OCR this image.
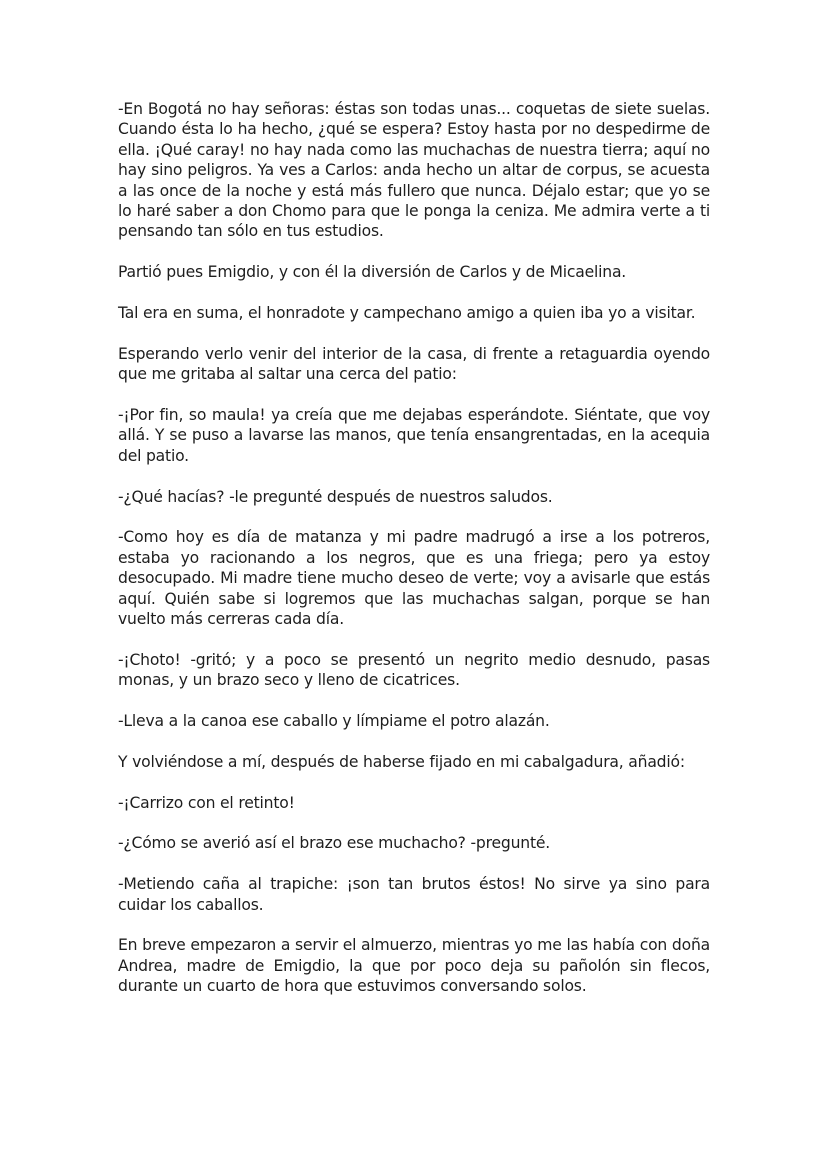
-En Bogotá no hay señoras: éstas son todas unas... coquetas de siete suelas. Cuando ésta lo ha hecho, ¿qué se espera? Estoy hasta por no despedirme de ella. ¡Qué caray! no hay nada como las muchachas de nuestra tierra; aquí no hay sino peligros. Ya ves a Carlos: anda hecho un altar de corpus, se acuesta a las once de la noche y está más fullero que nunca. Déjalo estar; que yo se lo haré saber a don Chomo para que le ponga la ceniza. Me admira verte a ti pensando tan sólo en tus estudios.

Partió pues Emigdio, y con él la diversión de Carlos y de Micaelina.

Tal era en suma, el honradote y campechano amigo a quien iba yo a visitar.

Esperando verlo venir del interior de la casa, di frente a retaguardia oyendo que me gritaba al saltar una cerca del patio:

-¡Por fin, so maula! ya creía que me dejabas esperándote. Siéntate, que voy allá. Y se puso a lavarse las manos, que tenía ensangrentadas, en la acequia del patio.

-¿Qué hacías? -le pregunté después de nuestros saludos.

-Como hoy es día de matanza y mi padre madrugó a irse a los potreros, estaba yo racionando a los negros, que es una friega; pero ya estoy desocupado. Mi madre tiene mucho deseo de verte; voy a avisarle que estás aquí. Quién sabe si logremos que las muchachas salgan, porque se han vuelto más cerreras cada día.

-¡Choto! -gritó; y a poco se presentó un negrito medio desnudo, pasas monas, y un brazo seco y lleno de cicatrices.

-Lleva a la canoa ese caballo y límpiame el potro alazán.

Y volviéndose a mí, después de haberse fijado en mi cabalgadura, añadió:

-¡Carrizo con el retinto!

-¿Cómo se averió así el brazo ese muchacho? -pregunté.

-Metiendo caña al trapiche: ¡son tan brutos éstos! No sirve ya sino para cuidar los caballos.

En breve empezaron a servir el almuerzo, mientras yo me las había con doña Andrea, madre de Emigdio, la que por poco deja su pañolón sin flecos, durante un cuarto de hora que estuvimos conversando solos.
